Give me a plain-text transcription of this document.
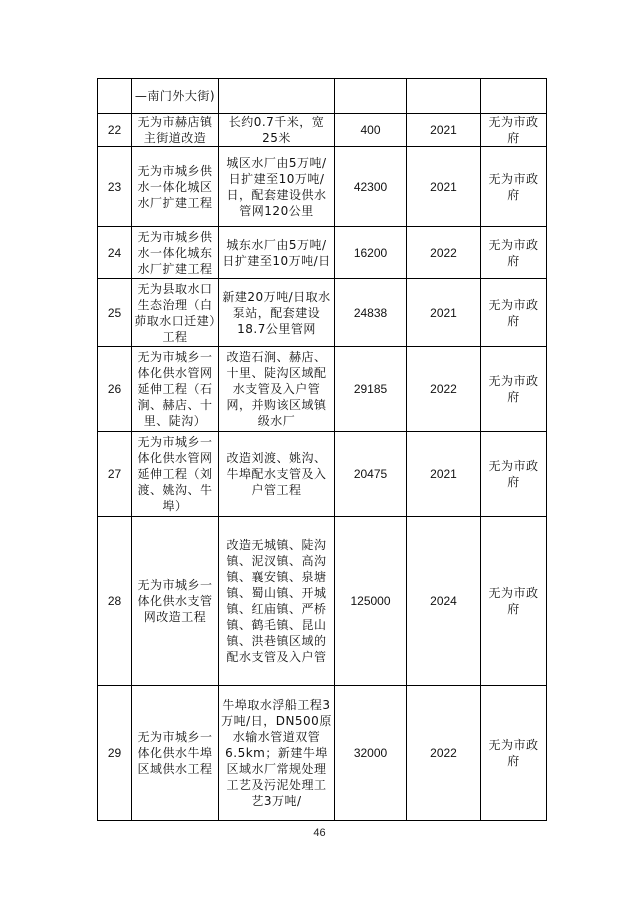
	—南门外大街)				
22	无为市赫店镇主街道改造	长约0.7千米，宽25米	400	2021	无为市政府
23	无为市城乡供水一体化城区水厂扩建工程	城区水厂由5万吨/日扩建至10万吨/日，配套建设供水管网120公里	42300	2021	无为市政府
24	无为市城乡供水一体化城东水厂扩建工程	城东水厂由5万吨/日扩建至10万吨/日	16200	2022	无为市政府
25	无为县取水口生态治理（白茆取水口迁建）工程	新建20万吨/日取水泵站，配套建设18.7公里管网	24838	2021	无为市政府
26	无为市城乡一体化供水管网延伸工程（石涧、赫店、十里、陡沟）	改造石涧、赫店、十里、陡沟区域配水支管及入户管网，并购该区域镇级水厂	29185	2022	无为市政府
27	无为市城乡一体化供水管网延伸工程（刘渡、姚沟、牛埠）	改造刘渡、姚沟、牛埠配水支管及入户管工程	20475	2021	无为市政府
28	无为市城乡一体化供水支管网改造工程	改造无城镇、陡沟镇、泥汊镇、高沟镇、襄安镇、泉塘镇、蜀山镇、开城镇、红庙镇、严桥镇、鹤毛镇、昆山镇、洪巷镇区域的配水支管及入户管	125000	2024	无为市政府
29	无为市城乡一体化供水牛埠区域供水工程	牛埠取水浮船工程3万吨/日，DN500原水输水管道双管6.5km；新建牛埠区域水厂常规处理工艺及污泥处理工艺3万吨/	32000	2022	无为市政府
46
